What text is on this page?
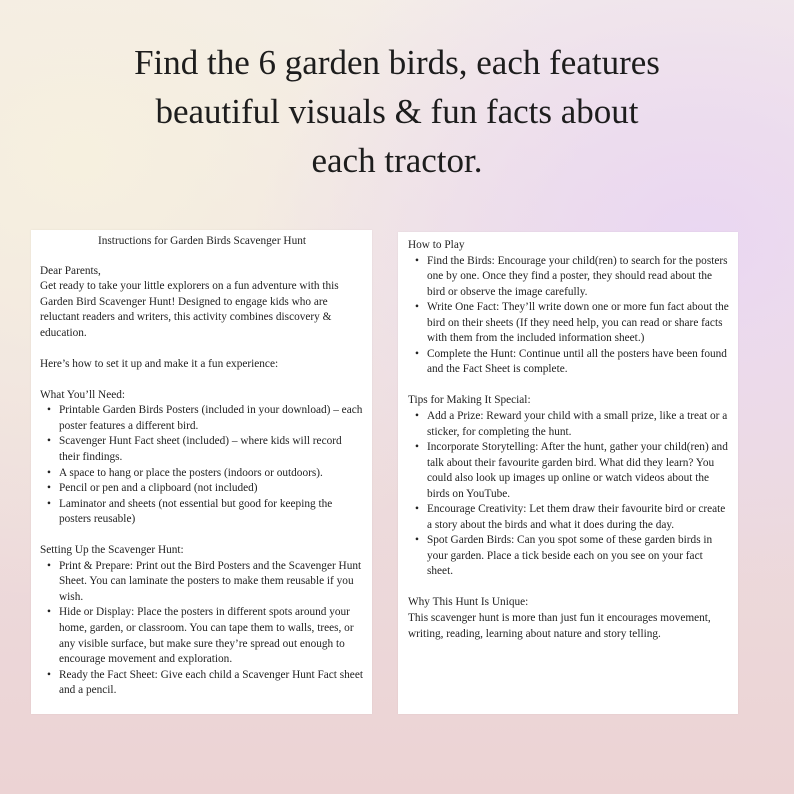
Find the 6 garden birds, each features
beautiful visuals & fun facts about
each tractor.
Instructions for Garden Birds Scavenger Hunt

Dear Parents,

Get ready to take your little explorers on a fun adventure with this Garden Bird Scavenger Hunt! Designed to engage kids who are reluctant readers and writers, this activity combines discovery & education.

Here’s how to set it up and make it a fun experience:

What You’ll Need:

• Printable Garden Birds Posters (included in your download) – each poster features a different bird.
• Scavenger Hunt Fact sheet (included) – where kids will record their findings.
• A space to hang or place the posters (indoors or outdoors).
• Pencil or pen and a clipboard (not included)
• Laminator and sheets (not essential but good for keeping the posters reusable)

Setting Up the Scavenger Hunt:

• Print & Prepare: Print out the Bird Posters and the Scavenger Hunt Sheet. You can laminate the posters to make them reusable if you wish.
• Hide or Display: Place the posters in different spots around your home, garden, or classroom. You can tape them to walls, trees, or any visible surface, but make sure they’re spread out enough to encourage movement and exploration.
• Ready the Fact Sheet: Give each child a Scavenger Hunt Fact sheet and a pencil.

How to Play

• Find the Birds: Encourage your child(ren) to search for the posters one by one. Once they find a poster, they should read about the bird or observe the image carefully.
• Write One Fact: They’ll write down one or more fun fact about the bird on their sheets (If they need help, you can read or share facts with them from the included information sheet.)
• Complete the Hunt: Continue until all the posters have been found and the Fact Sheet is complete.

Tips for Making It Special:

• Add a Prize: Reward your child with a small prize, like a treat or a sticker, for completing the hunt.
• Incorporate Storytelling: After the hunt, gather your child(ren) and talk about their favourite garden bird. What did they learn? You could also look up images up online or watch videos about the birds on YouTube.
• Encourage Creativity: Let them draw their favourite bird or create a story about the birds and what it does during the day.
• Spot Garden Birds: Can you spot some of these garden birds in your garden. Place a tick beside each on you see on your fact sheet.

Why This Hunt Is Unique:

This scavenger hunt is more than just fun it encourages movement, writing, reading, learning about nature and story telling.
